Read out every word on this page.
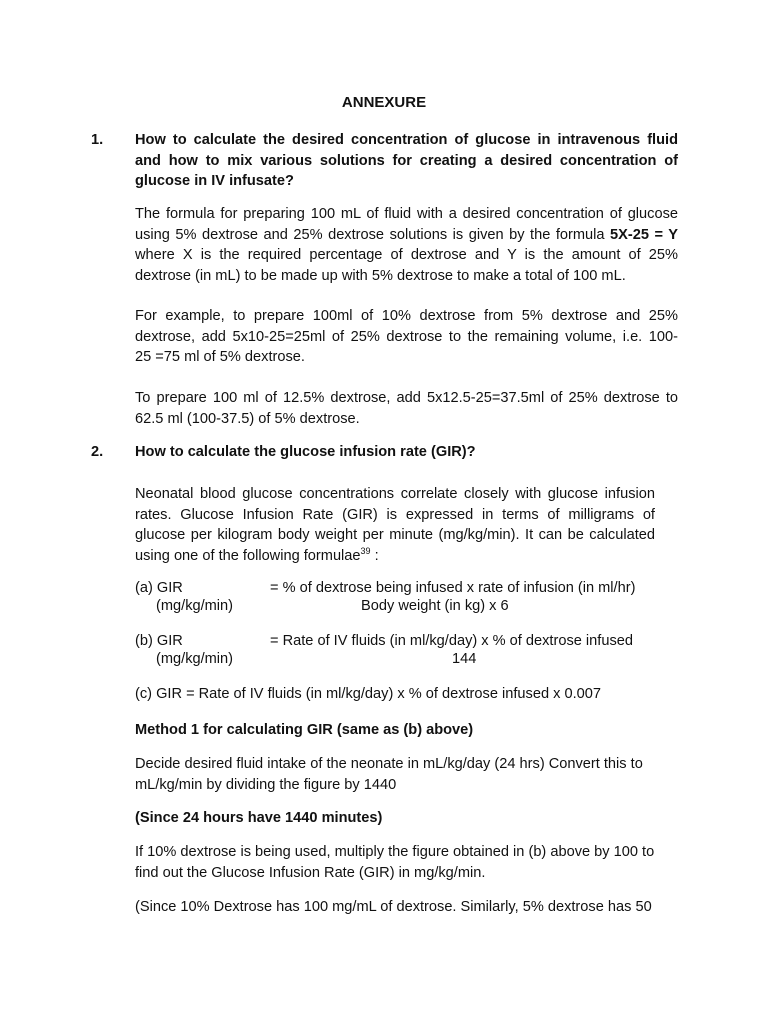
ANNEXURE
1. How to calculate the desired concentration of glucose in intravenous fluid
and how to mix various solutions for creating a desired concentration of
glucose in IV infusate?
The formula for preparing 100 mL of fluid with a desired concentration of glucose
using 5% dextrose and 25% dextrose solutions is given by the formula 5X-25 = Y
where X is the required percentage of dextrose and Y is the amount of 25%
dextrose (in mL) to be made up with 5% dextrose to make a total of 100 mL.
For example, to prepare 100ml of 10% dextrose from 5% dextrose and 25%
dextrose, add 5x10-25=25ml of 25% dextrose to the remaining volume, i.e. 100-
25 =75 ml of 5% dextrose.
To prepare 100 ml of 12.5% dextrose, add 5x12.5-25=37.5ml of 25% dextrose to
62.5 ml (100-37.5) of 5% dextrose.
2. How to calculate the glucose infusion rate (GIR)?
Neonatal blood glucose concentrations correlate closely with glucose infusion
rates. Glucose Infusion Rate (GIR) is expressed in terms of milligrams of
glucose per kilogram body weight per minute (mg/kg/min). It can be calculated
using one of the following formulae$^{39}$ :
(a) GIR	= % of dextrose being infused x rate of infusion (in ml/hr)
(mg/kg/min)	Body weight (in kg) x 6
(b) GIR	= Rate of IV fluids (in ml/kg/day) x % of dextrose infused
(mg/kg/min)	144
(c) GIR = Rate of IV fluids (in ml/kg/day) x % of dextrose infused x 0.007
Method 1 for calculating GIR (same as (b) above)
Decide desired fluid intake of the neonate in mL/kg/day (24 hrs) Convert this to
mL/kg/min by dividing the figure by 1440
(Since 24 hours have 1440 minutes)
If 10% dextrose is being used, multiply the figure obtained in (b) above by 100 to
find out the Glucose Infusion Rate (GIR) in mg/kg/min.
(Since 10% Dextrose has 100 mg/mL of dextrose. Similarly, 5% dextrose has 50
